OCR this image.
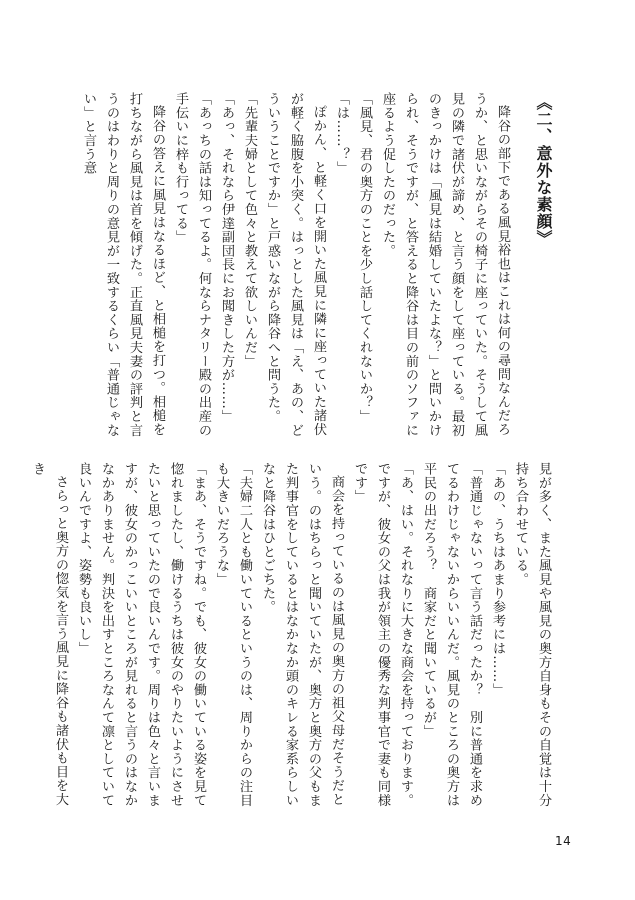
《二、意外な素顔》
降谷の部下である風見裕也はこれは何の尋問なんだろうか、と思いながらその椅子に座っていた。そうして風見の隣で諸伏が諦め、と言う顔をして座っている。最初のきっかけは「風見は結婚していたよな？」と問いかけられ、そうですが、と答えると降谷は目の前のソファに座るよう促したのだった。
「風見、君の奥方のことを少し話してくれないか？」
「は……？」
ぽかん、と軽く口を開いた風見に隣に座っていた諸伏が軽く脇腹を小突く。はっとした風見は「え、あの、どういうことですか」と戸惑いながら降谷へと問うた。
「先輩夫婦として色々と教えて欲しいんだ」
「あっ、それなら伊達副団長にお聞きした方が……」
「あっちの話は知ってるよ。何ならナタリー殿の出産の手伝いに梓も行ってる」
降谷の答えに風見はなるほど、と相槌を打つ。相槌を打ちながら風見は首を傾げた。正直風見夫妻の評判と言うのはわりと周りの意見が一致するくらい「普通じゃない」と言う意
見が多く、また風見や風見の奥方自身もその自覚は十分持ち合わせている。
「あの、うちはあまり参考には……」
「普通じゃないって言う話だったか？　別に普通を求めてるわけじゃないからいいんだ。風見のところの奥方は平民の出だろう？　商家だと聞いているが」
「あ、はい。それなりに大きな商会を持っております。ですが、彼女の父は我が領主の優秀な判事官で妻も同様です」
商会を持っているのは風見の奥方の祖父母だそうだという。のはちらっと聞いていたが、奥方と奥方の父もまた判事官をしているとはなかなか頭のキレる家系らしいなと降谷はひとごちた。
「夫婦二人とも働いているというのは、周りからの注目も大きいだろうな」
「まあ、そうですね。でも、彼女の働いている姿を見て惚れましたし、働けるうちは彼女のやりたいようにさせたいと思っていたので良いんです。周りは色々と言いますが、彼女のかっこいいところが見れると言うのはなかなかありません。判決を出すところなんて凛としていて良いんですよ、姿勢も良いし」
さらっと奥方の惚気を言う風見に降谷も諸伏も目を大き
14
